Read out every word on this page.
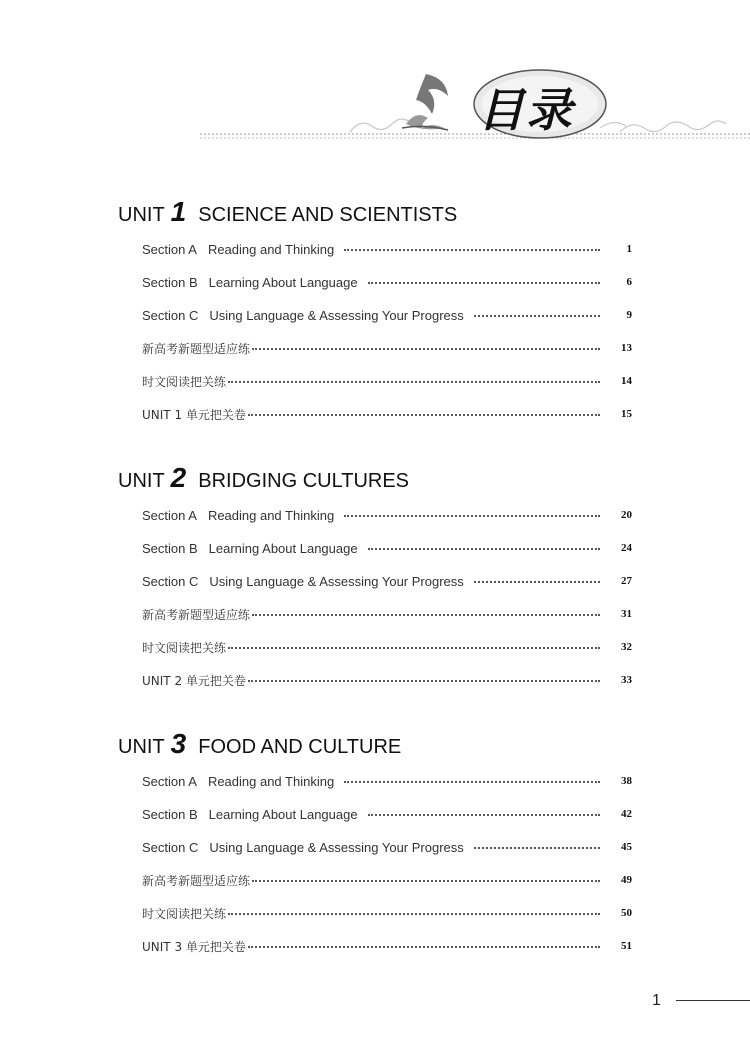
目录
UNIT 1 SCIENCE AND SCIENTISTS
Section A Reading and Thinking	1
Section B Learning About Language	6
Section C Using Language & Assessing Your Progress	9
新高考新题型适应练	13
时文阅读把关练	14
UNIT 1 单元把关卷	15
UNIT 2 BRIDGING CULTURES
Section A Reading and Thinking	20
Section B Learning About Language	24
Section C Using Language & Assessing Your Progress	27
新高考新题型适应练	31
时文阅读把关练	32
UNIT 2 单元把关卷	33
UNIT 3 FOOD AND CULTURE
Section A Reading and Thinking	38
Section B Learning About Language	42
Section C Using Language & Assessing Your Progress	45
新高考新题型适应练	49
时文阅读把关练	50
UNIT 3 单元把关卷	51
1
